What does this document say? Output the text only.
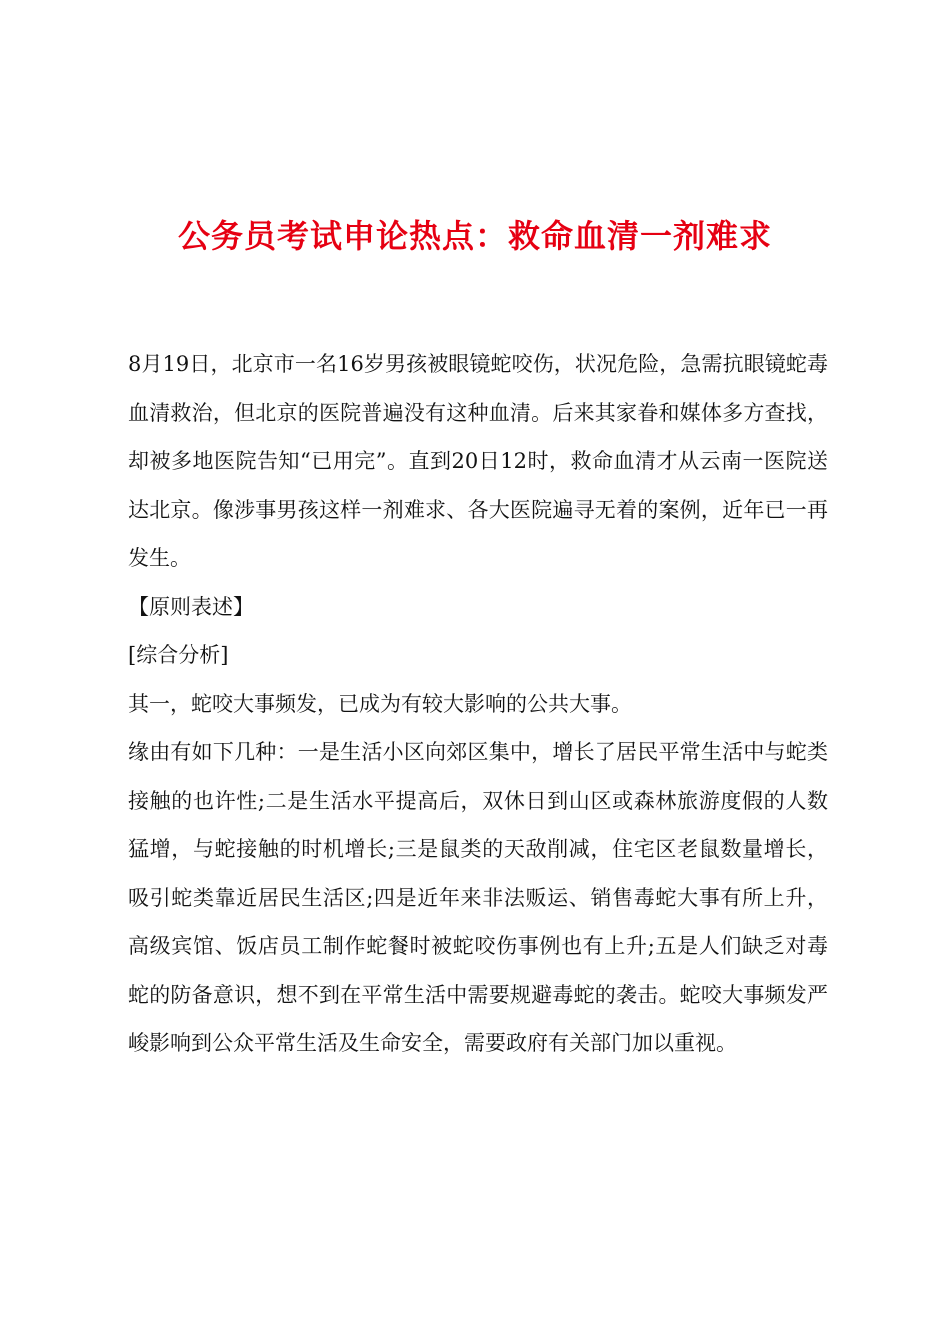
公务员考试申论热点：救命血清一剂难求

8月19日，北京市一名16岁男孩被眼镜蛇咬伤，状况危险，急需抗眼镜蛇毒血清救治，但北京的医院普遍没有这种血清。后来其家眷和媒体多方查找，却被多地医院告知“已用完”。直到20日12时，救命血清才从云南一医院送达北京。像涉事男孩这样一剂难求、各大医院遍寻无着的案例，近年已一再发生。

【原则表述】

[综合分析]

其一，蛇咬大事频发，已成为有较大影响的公共大事。

缘由有如下几种：一是生活小区向郊区集中，增长了居民平常生活中与蛇类接触的也许性;二是生活水平提高后，双休日到山区或森林旅游度假的人数猛增，与蛇接触的时机增长;三是鼠类的天敌削减，住宅区老鼠数量增长，吸引蛇类靠近居民生活区;四是近年来非法贩运、销售毒蛇大事有所上升，高级宾馆、饭店员工制作蛇餐时被蛇咬伤事例也有上升;五是人们缺乏对毒蛇的防备意识，想不到在平常生活中需要规避毒蛇的袭击。蛇咬大事频发严峻影响到公众平常生活及生命安全，需要政府有关部门加以重视。
